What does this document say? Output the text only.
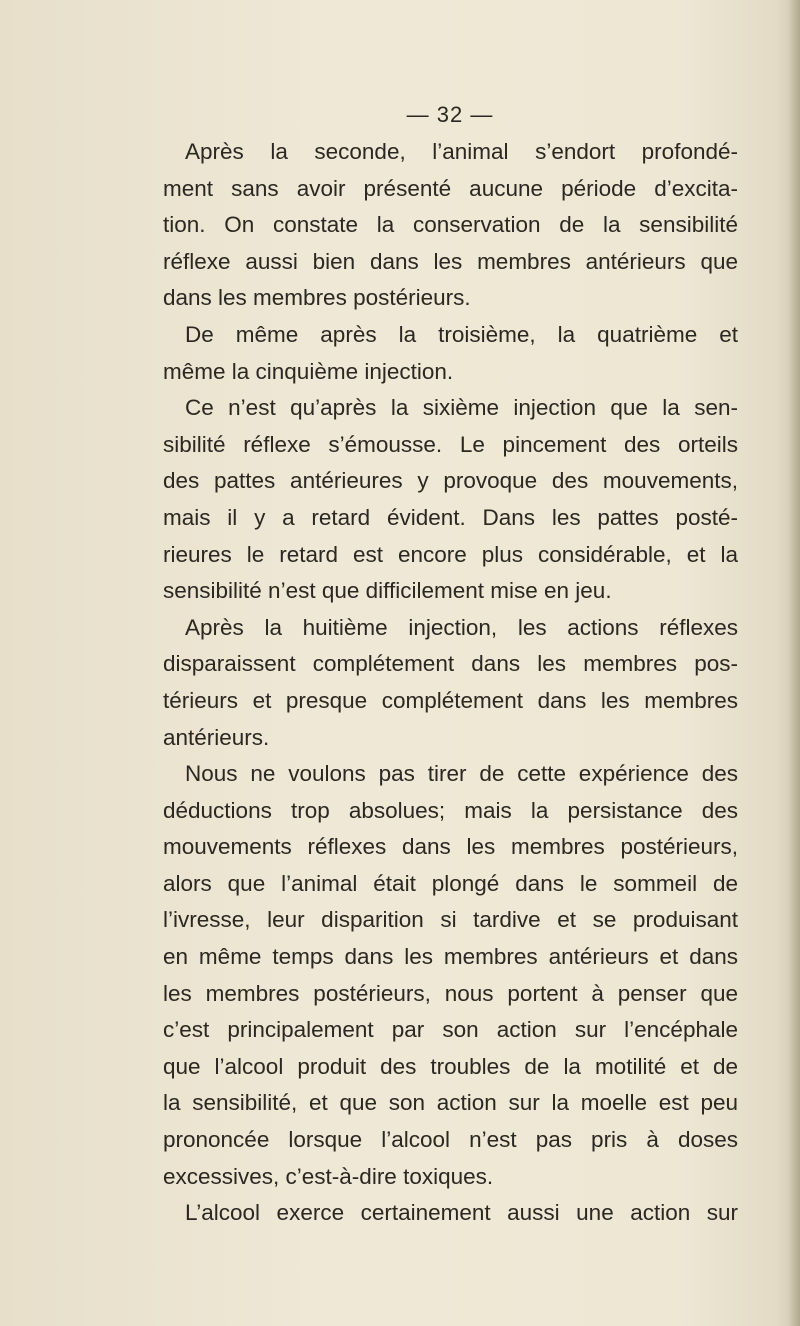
— 32 —
Après la seconde, l’animal s’endort profondé-
ment sans avoir présenté aucune période d’excita-
tion. On constate la conservation de la sensibilité
réflexe aussi bien dans les membres antérieurs que
dans les membres postérieurs.
De même après la troisième, la quatrième et
même la cinquième injection.
Ce n’est qu’après la sixième injection que la sen-
sibilité réflexe s’émousse. Le pincement des orteils
des pattes antérieures y provoque des mouvements,
mais il y a retard évident. Dans les pattes posté-
rieures le retard est encore plus considérable, et la
sensibilité n’est que difficilement mise en jeu.
Après la huitième injection, les actions réflexes
disparaissent complétement dans les membres pos-
térieurs et presque complétement dans les membres
antérieurs.
Nous ne voulons pas tirer de cette expérience des
déductions trop absolues; mais la persistance des
mouvements réflexes dans les membres postérieurs,
alors que l’animal était plongé dans le sommeil de
l’ivresse, leur disparition si tardive et se produisant
en même temps dans les membres antérieurs et dans
les membres postérieurs, nous portent à penser que
c’est principalement par son action sur l’encéphale
que l’alcool produit des troubles de la motilité et de
la sensibilité, et que son action sur la moelle est peu
prononcée lorsque l’alcool n’est pas pris à doses
excessives, c’est-à-dire toxiques.
L’alcool exerce certainement aussi une action sur
